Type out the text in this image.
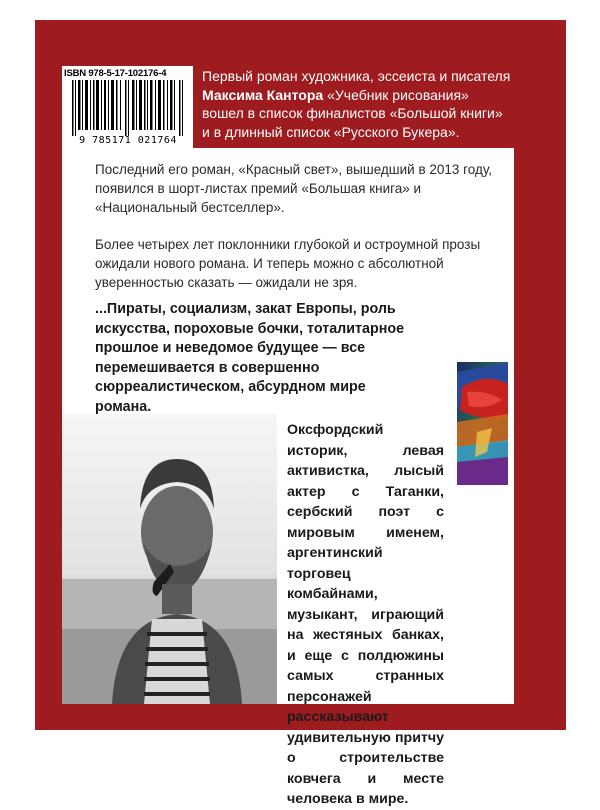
ISBN 978-5-17-102176-4
9 785171 021764
Первый роман художника, эссеиста и писателя
Максима Кантора «Учебник рисования»
вошел в список финалистов «Большой книги»
и в длинный список «Русского Букера».
Последний его роман, «Красный свет», вышедший в 2013 году, появился в шорт-листах премий «Большая книга» и «Национальный бестселлер».
Более четырех лет поклонники глубокой и остроумной прозы ожидали нового романа. И теперь можно с абсолютной уверенностью сказать — ожидали не зря.
...Пираты, социализм, закат Европы, роль искусства, пороховые бочки, тоталитарное прошлое и неведомое будущее — все перемешивается в совершенно сюрреалистическом, абсурдном мире романа.
Оксфордский историк, левая активистка, лысый актер с Таганки, сербский поэт с мировым именем, аргентинский торговец комбайнами, музыкант, играющий на жестяных банках, и еще с полдюжины самых странных персонажей рассказывают удивительную притчу о строительстве ковчега и месте человека в мире.
